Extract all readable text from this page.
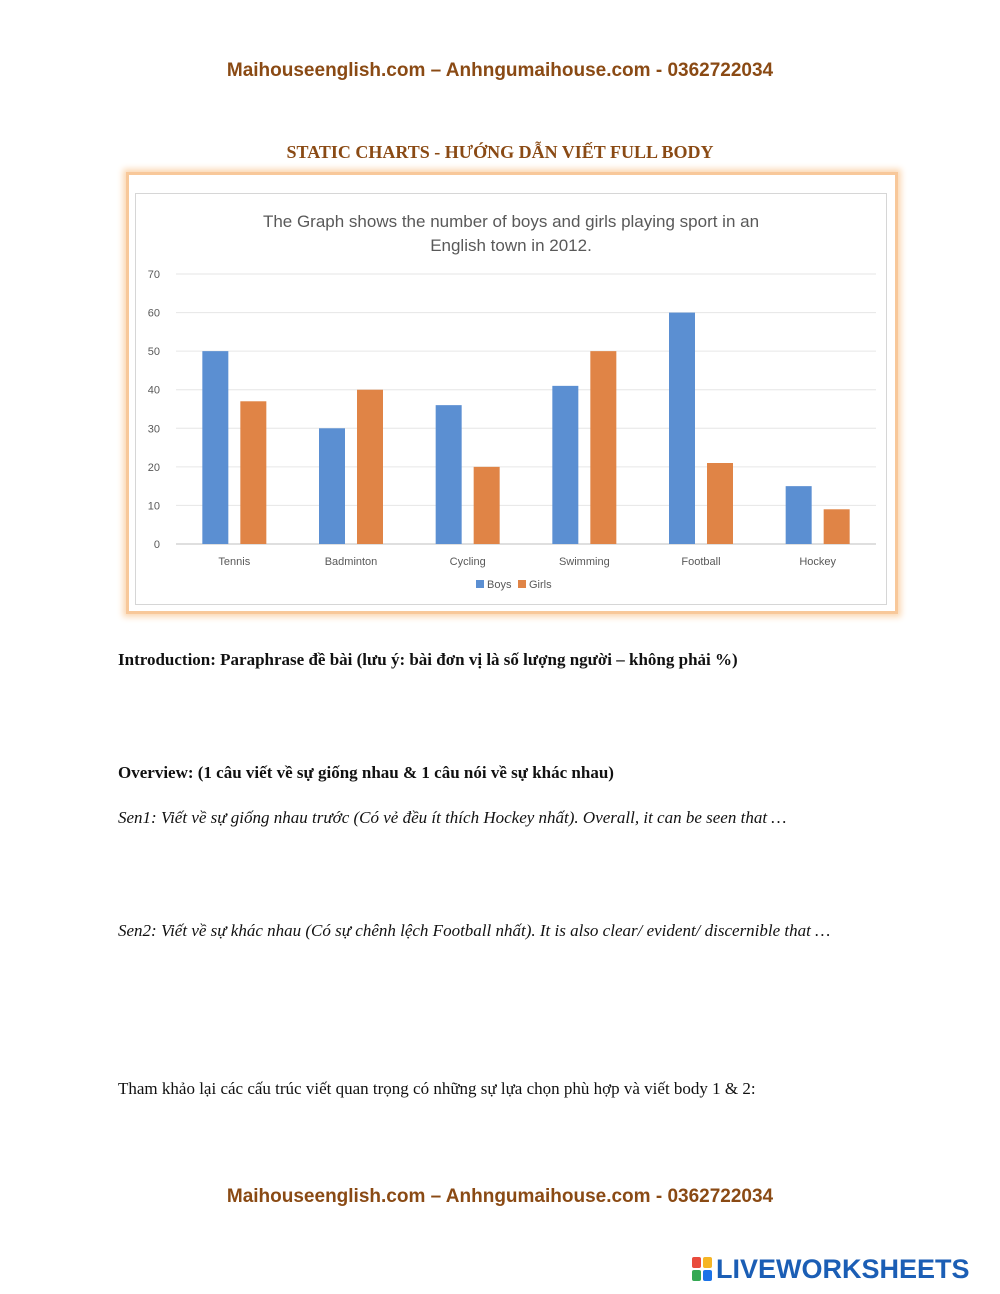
Maihouseenglish.com – Anhngumaihouse.com - 0362722034
STATIC CHARTS - HƯỚNG DẪN VIẾT FULL BODY
The Graph shows the number of boys and girls playing sport in an
English town in 2012.
0
10
20
30
40
50
60
70
Tennis	Badminton	Cycling	Swimming	Football	Hockey
Boys Girls
Introduction: Paraphrase đề bài (lưu ý: bài đơn vị là số lượng người – không phải %)
Overview: (1 câu viết về sự giống nhau & 1 câu nói về sự khác nhau)
Sen1: Viết về sự giống nhau trước (Có vẻ đều ít thích Hockey nhất). Overall, it can be seen that …
Sen2: Viết về sự khác nhau (Có sự chênh lệch Football nhất). It is also clear/ evident/ discernible that …
Tham khảo lại các cấu trúc viết quan trọng có những sự lựa chọn phù hợp và viết body 1 & 2:
Maihouseenglish.com – Anhngumaihouse.com - 0362722034
LIVEWORKSHEETS
